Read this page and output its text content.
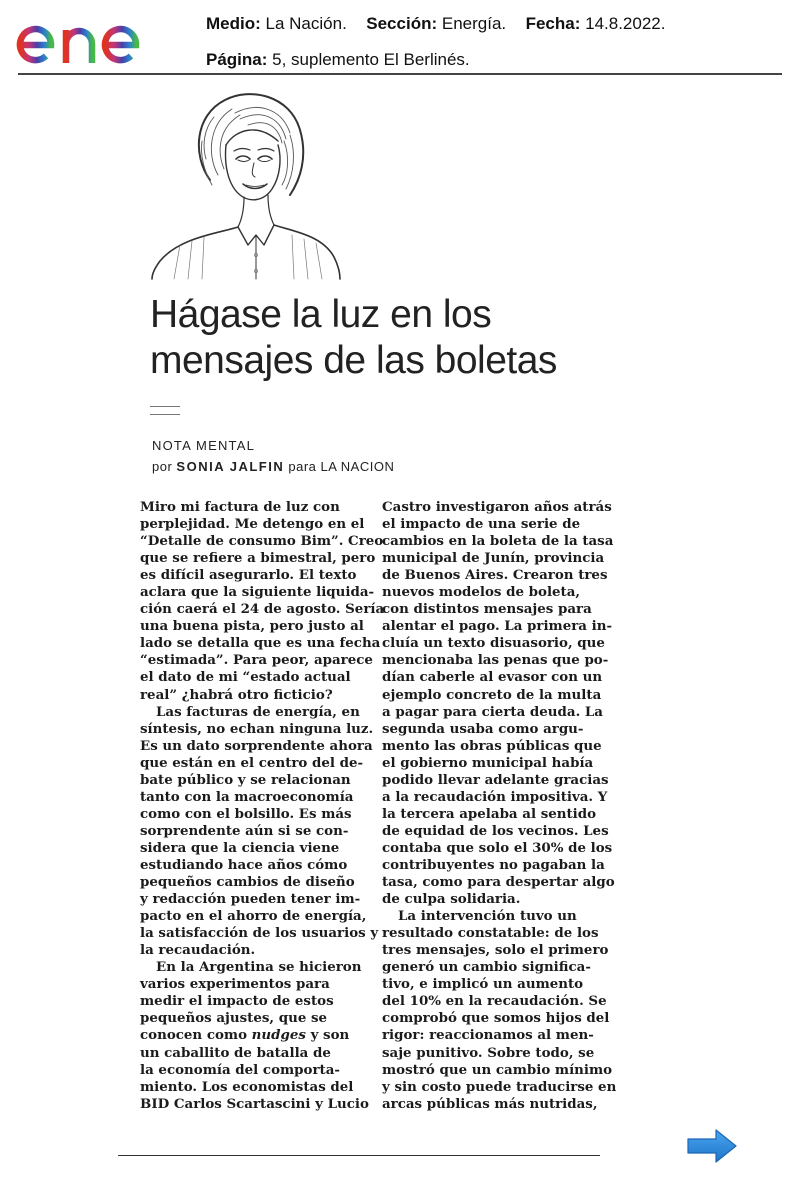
Medio: La Nación. Sección: Energía. Fecha: 14.8.2022.
Página: 5, suplemento El Berlinés.
Hágase la luz en los
mensajes de las boletas
NOTA MENTAL
por SONIA JALFIN para LA NACION
Miro mi factura de luz con
perplejidad. Me detengo en el
“Detalle de consumo Bim”. Creo
que se refiere a bimestral, pero
es difícil asegurarlo. El texto
aclara que la siguiente liquida-
ción caerá el 24 de agosto. Sería
una buena pista, pero justo al
lado se detalla que es una fecha
“estimada”. Para peor, aparece
el dato de mi “estado actual
real” ¿habrá otro ficticio?
Las facturas de energía, en
síntesis, no echan ninguna luz.
Es un dato sorprendente ahora
que están en el centro del de-
bate público y se relacionan
tanto con la macroeconomía
como con el bolsillo. Es más
sorprendente aún si se con-
sidera que la ciencia viene
estudiando hace años cómo
pequeños cambios de diseño
y redacción pueden tener im-
pacto en el ahorro de energía,
la satisfacción de los usuarios y
la recaudación.
En la Argentina se hicieron
varios experimentos para
medir el impacto de estos
pequeños ajustes, que se
conocen como nudges y son
un caballito de batalla de
la economía del comporta-
miento. Los economistas del
BID Carlos Scartascini y Lucio
Castro investigaron años atrás
el impacto de una serie de
cambios en la boleta de la tasa
municipal de Junín, provincia
de Buenos Aires. Crearon tres
nuevos modelos de boleta,
con distintos mensajes para
alentar el pago. La primera in-
cluía un texto disuasorio, que
mencionaba las penas que po-
dían caberle al evasor con un
ejemplo concreto de la multa
a pagar para cierta deuda. La
segunda usaba como argu-
mento las obras públicas que
el gobierno municipal había
podido llevar adelante gracias
a la recaudación impositiva. Y
la tercera apelaba al sentido
de equidad de los vecinos. Les
contaba que solo el 30% de los
contribuyentes no pagaban la
tasa, como para despertar algo
de culpa solidaria.
La intervención tuvo un
resultado constatable: de los
tres mensajes, solo el primero
generó un cambio significa-
tivo, e implicó un aumento
del 10% en la recaudación. Se
comprobó que somos hijos del
rigor: reaccionamos al men-
saje punitivo. Sobre todo, se
mostró que un cambio mínimo
y sin costo puede traducirse en
arcas públicas más nutridas,
